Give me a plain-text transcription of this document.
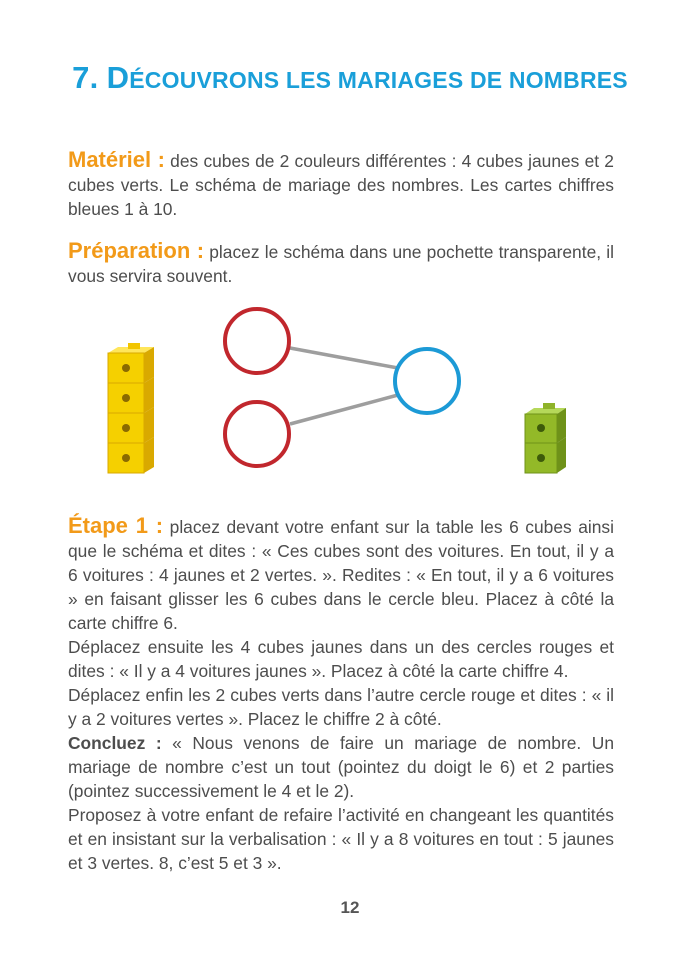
7. DÉCOUVRONS LES MARIAGES DE NOMBRES

Matériel : des cubes de 2 couleurs différentes : 4 cubes jaunes et 2 cubes verts. Le schéma de mariage des nombres. Les cartes chiffres bleues 1 à 10.

Préparation : placez le schéma dans une pochette transparente, il vous servira souvent.

Étape 1 : placez devant votre enfant sur la table les 6 cubes ainsi que le schéma et dites : « Ces cubes sont des voitures. En tout, il y a 6 voitures : 4 jaunes et 2 vertes. ». Redites : « En tout, il y a 6 voitures » en faisant glisser les 6 cubes dans le cercle bleu. Placez à côté la carte chiffre 6.
Déplacez ensuite les 4 cubes jaunes dans un des cercles rouges et dites : « Il y a 4 voitures jaunes ». Placez à côté la carte chiffre 4.
Déplacez enfin les 2 cubes verts dans l’autre cercle rouge et dites : « il y a 2 voitures vertes ». Placez le chiffre 2 à côté.
Concluez : « Nous venons de faire un mariage de nombre. Un mariage de nombre c’est un tout (pointez du doigt le 6) et 2 parties (pointez successivement le 4 et le 2).
Proposez à votre enfant de refaire l’activité en changeant les quantités et en insistant sur la verbalisation : « Il y a 8 voitures en tout : 5 jaunes et 3 vertes. 8, c’est 5 et 3 ».
12
